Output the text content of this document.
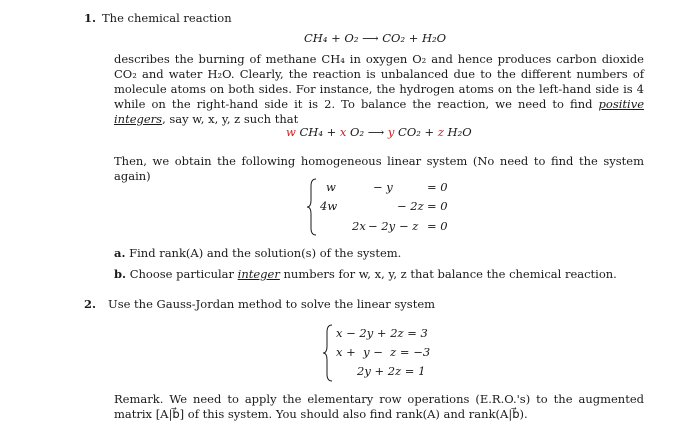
1. The chemical reaction
CH₄ + O₂ ⟶ CO₂ + H₂O
describes the burning of methane CH₄ in oxygen O₂ and hence produces carbon dioxide CO₂ and water H₂O. Clearly, the reaction is unbalanced due to the different numbers of molecule atoms on both sides. For instance, the hydrogen atoms on the left-hand side is 4 while on the right-hand side it is 2. To balance the reaction, we need to find positive integers, say w, x, y, z such that
w CH₄ + x O₂ ⟶ y CO₂ + z H₂O
Then, we obtain the following homogeneous linear system (No need to find the system again)
w	− y	= 0
4w	− 2z = 0
2x − 2y − z = 0
a. Find rank(A) and the solution(s) of the system.
b. Choose particular integer numbers for w, x, y, z that balance the chemical reaction.
2. Use the Gauss-Jordan method to solve the linear system
x − 2y + 2z = 3
x +  y −  z = −3
2y + 2z = 1
Remark. We need to apply the elementary row operations (E.R.O.'s) to the augmented matrix [A|b⃗] of this system. You should also find rank(A) and rank(A|b⃗).
